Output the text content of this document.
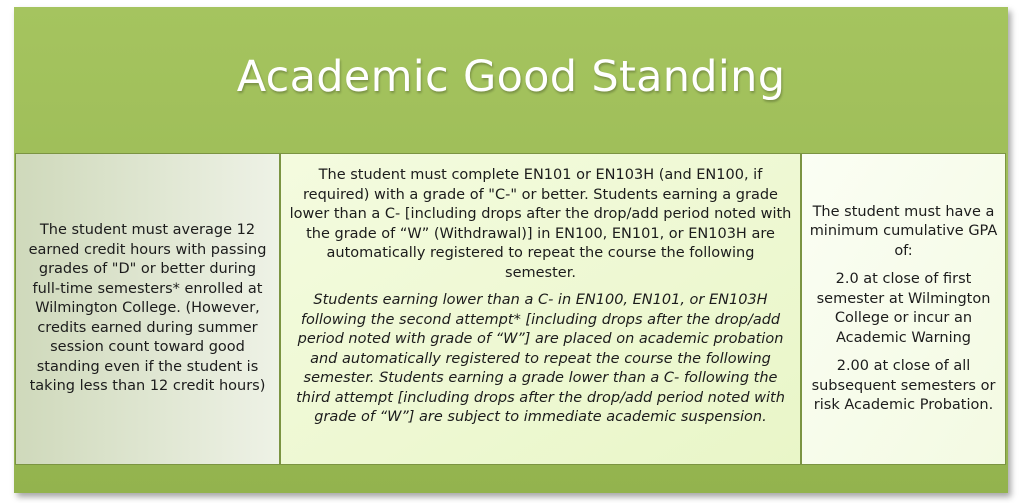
Academic Good Standing

The student must average 12 earned credit hours with passing grades of "D" or better during full-time semesters* enrolled at Wilmington College. (However, credits earned during summer session count toward good standing even if the student is taking less than 12 credit hours)

The student must complete EN101 or EN103H (and EN100, if required) with a grade of "C-" or better. Students earning a grade lower than a C- [including drops after the drop/add period noted with the grade of “W” (Withdrawal)] in EN100, EN101, or EN103H are automatically registered to repeat the course the following semester.

Students earning lower than a C- in EN100, EN101, or EN103H following the second attempt* [including drops after the drop/add period noted with grade of “W”] are placed on academic probation and automatically registered to repeat the course the following semester. Students earning a grade lower than a C- following the third attempt [including drops after the drop/add period noted with grade of “W”] are subject to immediate academic suspension.

The student must have a minimum cumulative GPA of:

2.0 at close of first semester at Wilmington College or incur an Academic Warning

2.00 at close of all subsequent semesters or risk Academic Probation.
